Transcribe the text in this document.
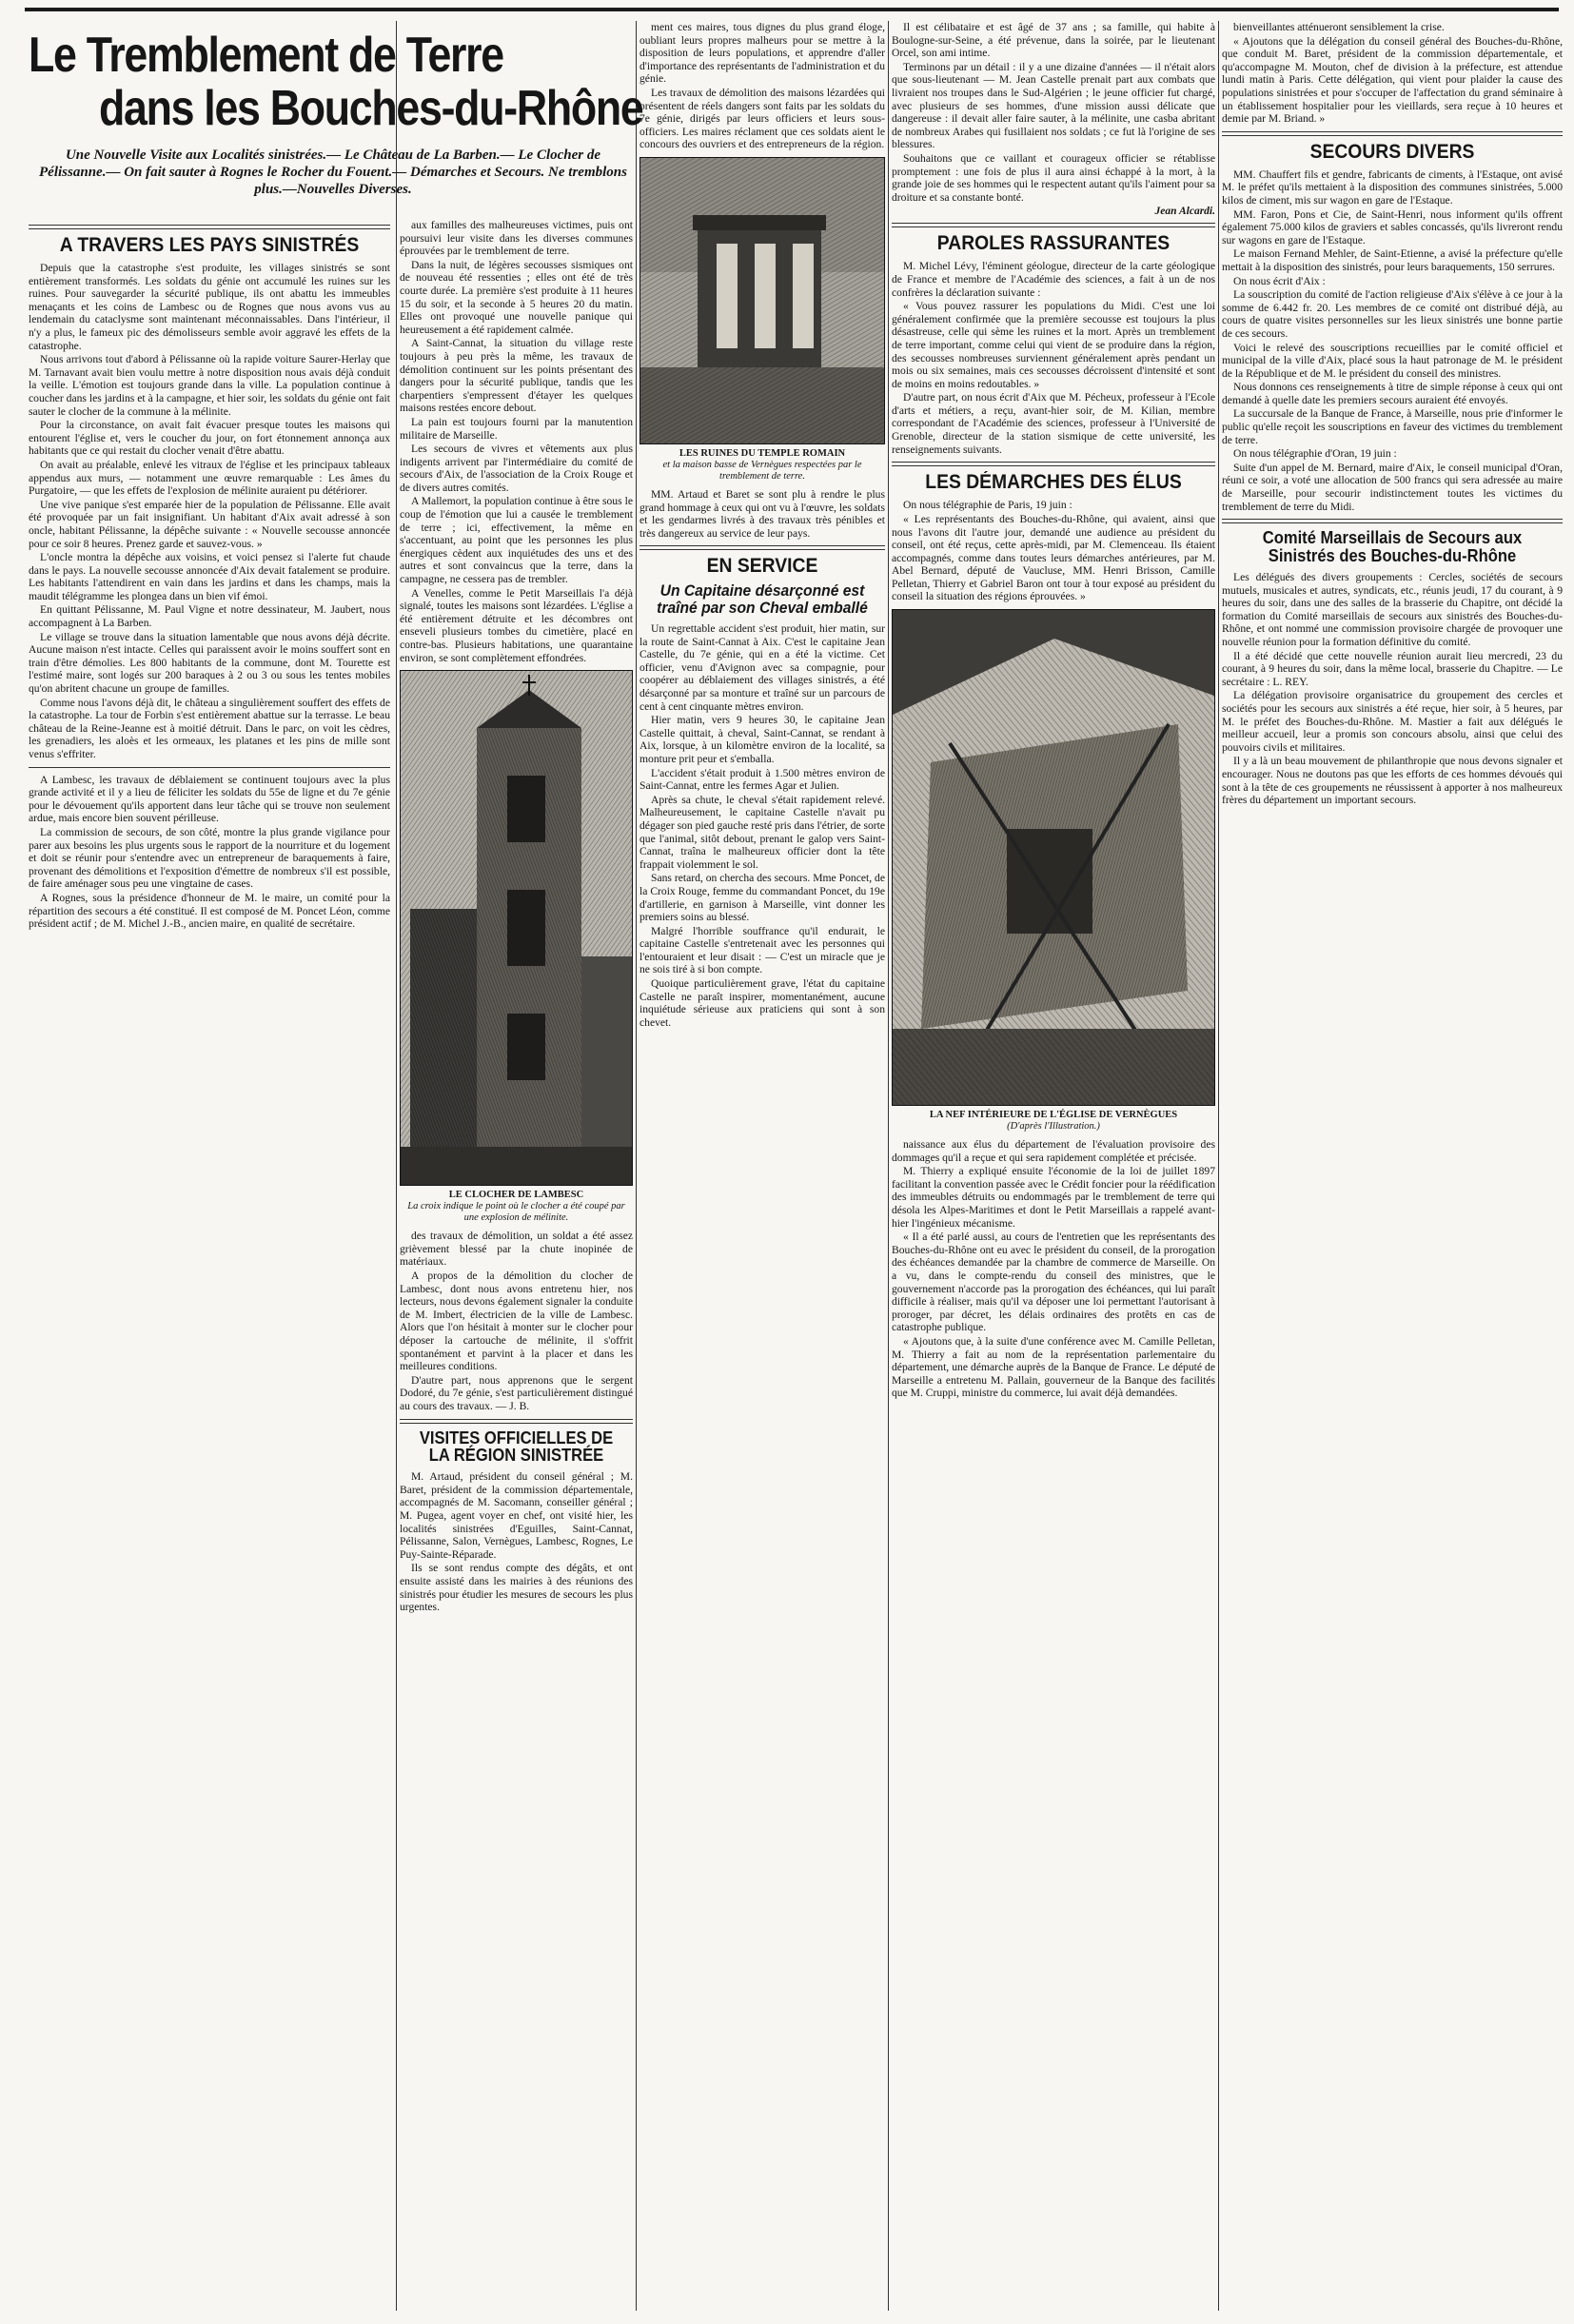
Le Tremblement de Terre
dans les Bouches-du-Rhône

Une Nouvelle Visite aux Localités sinistrées.— Le Château de La Barben.— Le Clocher de Pélissanne.— On fait sauter à Rognes le Rocher du Fouent.— Démarches et Secours. Ne tremblons plus.—Nouvelles Diverses.

A TRAVERS LES PAYS SINISTRÉS

Depuis que la catastrophe s'est produite, les villages sinistrés se sont entièrement transformés. Les soldats du génie ont accumulé les ruines sur les ruines. Pour sauvegarder la sécurité publique, ils ont abattu les immeubles menaçants et les coins de Lambesc ou de Rognes que nous avons vus au lendemain du cataclysme sont maintenant méconnaissables. Dans l'intérieur, il n'y a plus, le fameux pic des démolisseurs semble avoir aggravé les effets de la catastrophe.

Nous arrivons tout d'abord à Pélissanne où la rapide voiture Saurer-Herlay que M. Tarnavant avait bien voulu mettre à notre disposition nous avais déjà conduit la veille. L'émotion est toujours grande dans la ville. La population continue à coucher dans les jardins et à la campagne, et hier soir, les soldats du génie ont fait sauter le clocher de la commune à la mélinite.

Pour la circonstance, on avait fait évacuer presque toutes les maisons qui entourent l'église et, vers le coucher du jour, on fort étonnement annonça aux habitants que ce qui restait du clocher venait d'être abattu.

On avait au préalable, enlevé les vitraux de l'église et les principaux tableaux appendus aux murs, — notamment une œuvre remarquable : Les âmes du Purgatoire, — que les effets de l'explosion de mélinite auraient pu détériorer.

Une vive panique s'est emparée hier de la population de Pélissanne. Elle avait été provoquée par un fait insignifiant. Un habitant d'Aix avait adressé à son oncle, habitant Pélissanne, la dépêche suivante : « Nouvelle secousse annoncée pour ce soir 8 heures. Prenez garde et sauvez-vous. »

L'oncle montra la dépêche aux voisins, et voici pensez si l'alerte fut chaude dans le pays. La nouvelle secousse annoncée d'Aix devait fatalement se produire. Les habitants l'attendirent en vain dans les jardins et dans les champs, mais la maudit télégramme les plongea dans un bien vif émoi.

En quittant Pélissanne, M. Paul Vigne et notre dessinateur, M. Jaubert, nous accompagnent à La Barben.

Le village se trouve dans la situation lamentable que nous avons déjà décrite. Aucune maison n'est intacte. Celles qui paraissent avoir le moins souffert sont en train d'être démolies. Les 800 habitants de la commune, dont M. Tourette est l'estimé maire, sont logés sur 200 baraques à 2 ou 3 ou sous les tentes mobiles qu'on abritent chacune un groupe de familles.

Comme nous l'avons déjà dit, le château a singulièrement souffert des effets de la catastrophe. La tour de Forbin s'est entièrement abattue sur la terrasse. Le beau château de la Reine-Jeanne est à moitié détruit. Dans le parc, on voit les cèdres, les grenadiers, les aloès et les ormeaux, les platanes et les pins de mille sont venus s'effriter.

A Lambesc, les travaux de déblaiement se continuent toujours avec la plus grande activité et il y a lieu de féliciter les soldats du 55e de ligne et du 7e génie pour le dévouement qu'ils apportent dans leur tâche qui se trouve non seulement ardue, mais encore bien souvent périlleuse.

La commission de secours, de son côté, montre la plus grande vigilance pour parer aux besoins les plus urgents sous le rapport de la nourriture et du logement et doit se réunir pour s'entendre avec un entrepreneur de baraquements à faire, provenant des démolitions et l'exposition d'émettre de nombreux s'il est possible, de faire aménager sous peu une vingtaine de cases.

A Rognes, sous la présidence d'honneur de M. le maire, un comité pour la répartition des secours a été constitué. Il est composé de M. Poncet Léon, comme président actif ; de M. Michel J.-B., ancien maire, en qualité de secrétaire.

aux familles des malheureuses victimes, puis ont poursuivi leur visite dans les diverses communes éprouvées par le tremblement de terre.

Dans la nuit, de légères secousses sismiques ont de nouveau été ressenties ; elles ont été de très courte durée. La première s'est produite à 11 heures 15 du soir, et la seconde à 5 heures 20 du matin. Elles ont provoqué une nouvelle panique qui heureusement a été rapidement calmée.

A Saint-Cannat, la situation du village reste toujours à peu près la même, les travaux de démolition continuent sur les points présentant des dangers pour la sécurité publique, tandis que les charpentiers s'empressent d'étayer les quelques maisons restées encore debout.

La pain est toujours fourni par la manutention militaire de Marseille.

Les secours de vivres et vêtements aux plus indigents arrivent par l'intermédiaire du comité de secours d'Aix, de l'association de la Croix Rouge et de divers autres comités.

A Mallemort, la population continue à être sous le coup de l'émotion que lui a causée le tremblement de terre ; ici, effectivement, la même en s'accentuant, au point que les personnes les plus énergiques cèdent aux inquiétudes des uns et des autres et sont convaincus que la terre, dans la campagne, ne cessera pas de trembler.

A Venelles, comme le Petit Marseillais l'a déjà signalé, toutes les maisons sont lézardées. L'église a été entièrement détruite et les décombres ont enseveli plusieurs tombes du cimetière, placé en contre-bas. Plusieurs habitations, une quarantaine environ, se sont complètement effondrées.

LE CLOCHER DE LAMBESC
La croix indique le point où le clocher a été coupé par une explosion de mélinite.

des travaux de démolition, un soldat a été assez grièvement blessé par la chute inopinée de matériaux.

A propos de la démolition du clocher de Lambesc, dont nous avons entretenu hier, nos lecteurs, nous devons également signaler la conduite de M. Imbert, électricien de la ville de Lambesc. Alors que l'on hésitait à monter sur le clocher pour déposer la cartouche de mélinite, il s'offrit spontanément et parvint à la placer et dans les meilleures conditions.

D'autre part, nous apprenons que le sergent Dodoré, du 7e génie, s'est particulièrement distingué au cours des travaux. — J. B.

VISITES OFFICIELLES DE LA RÉGION SINISTRÉE

M. Artaud, président du conseil général ; M. Baret, président de la commission départementale, accompagnés de M. Sacomann, conseiller général ; M. Pugea, agent voyer en chef, ont visité hier, les localités sinistrées d'Eguilles, Saint-Cannat, Pélissanne, Salon, Vernègues, Lambesc, Rognes, Le Puy-Sainte-Réparade.

Ils se sont rendus compte des dégâts, et ont ensuite assisté dans les mairies à des réunions des sinistrés pour étudier les mesures de secours les plus urgentes.

ment ces maires, tous dignes du plus grand éloge, oubliant leurs propres malheurs pour se mettre à la disposition de leurs populations, et apprendre d'aller d'importance des représentants de l'administration et du génie.

Les travaux de démolition des maisons lézardées qui présentent de réels dangers sont faits par les soldats du 7e génie, dirigés par leurs officiers et leurs sous-officiers. Les maires réclament que ces soldats aient le concours des ouvriers et des entrepreneurs de la région.

LES RUINES DU TEMPLE ROMAIN
et la maison basse de Vernègues respectées par le tremblement de terre.

MM. Artaud et Baret se sont plu à rendre le plus grand hommage à ceux qui ont vu à l'œuvre, les soldats et les gendarmes livrés à des travaux très pénibles et très dangereux au service de leur pays.

EN SERVICE
Un Capitaine désarçonné est traîné par son Cheval emballé

Un regrettable accident s'est produit, hier matin, sur la route de Saint-Cannat à Aix. C'est le capitaine Jean Castelle, du 7e génie, qui en a été la victime. Cet officier, venu d'Avignon avec sa compagnie, pour coopérer au déblaiement des villages sinistrés, a été désarçonné par sa monture et traîné sur un parcours de cent à cent cinquante mètres environ.

Hier matin, vers 9 heures 30, le capitaine Jean Castelle quittait, à cheval, Saint-Cannat, se rendant à Aix, lorsque, à un kilomètre environ de la localité, sa monture prit peur et s'emballa.

L'accident s'était produit à 1.500 mètres environ de Saint-Cannat, entre les fermes Agar et Julien.

Après sa chute, le cheval s'était rapidement relevé. Malheureusement, le capitaine Castelle n'avait pu dégager son pied gauche resté pris dans l'étrier, de sorte que l'animal, sitôt debout, prenant le galop vers Saint-Cannat, traîna le malheureux officier dont la tête frappait violemment le sol.

Sans retard, on chercha des secours. Mme Poncet, de la Croix Rouge, femme du commandant Poncet, du 19e d'artillerie, en garnison à Marseille, vint donner les premiers soins au blessé.

Malgré l'horrible souffrance qu'il endurait, le capitaine Castelle s'entretenait avec les personnes qui l'entouraient et leur disait : — C'est un miracle que je ne sois tiré à si bon compte.

Quoique particulièrement grave, l'état du capitaine Castelle ne paraît inspirer, momentanément, aucune inquiétude sérieuse aux praticiens qui sont à son chevet.

Il est célibataire et est âgé de 37 ans ; sa famille, qui habite à Boulogne-sur-Seine, a été prévenue, dans la soirée, par le lieutenant Orcel, son ami intime.

Terminons par un détail : il y a une dizaine d'années — il n'était alors que sous-lieutenant — M. Jean Castelle prenait part aux combats que livraient nos troupes dans le Sud-Algérien ; le jeune officier fut chargé, avec plusieurs de ses hommes, d'une mission aussi délicate que dangereuse : il devait aller faire sauter, à la mélinite, une casba abritant de nombreux Arabes qui fusillaient nos soldats ; ce fut là l'origine de ses blessures.

Souhaitons que ce vaillant et courageux officier se rétablisse promptement : une fois de plus il aura ainsi échappé à la mort, à la grande joie de ses hommes qui le respectent autant qu'ils l'aiment pour sa droiture et sa constante bonté.

Jean Alcardi.
PAROLES RASSURANTES

M. Michel Lévy, l'éminent géologue, directeur de la carte géologique de France et membre de l'Académie des sciences, a fait à un de nos confrères la déclaration suivante :

« Vous pouvez rassurer les populations du Midi. C'est une loi généralement confirmée que la première secousse est toujours la plus désastreuse, celle qui sème les ruines et la mort. Après un tremblement de terre important, comme celui qui vient de se produire dans la région, des secousses nombreuses surviennent généralement après pendant un mois ou six semaines, mais ces secousses décroissent d'intensité et sont de moins en moins redoutables. »

D'autre part, on nous écrit d'Aix que M. Pécheux, professeur à l'Ecole d'arts et métiers, a reçu, avant-hier soir, de M. Kilian, membre correspondant de l'Académie des sciences, professeur à l'Université de Grenoble, directeur de la station sismique de cette université, les renseignements suivants.

LES DÉMARCHES DES ÉLUS

On nous télégraphie de Paris, 19 juin :

« Les représentants des Bouches-du-Rhône, qui avaient, ainsi que nous l'avons dit l'autre jour, demandé une audience au président du conseil, ont été reçus, cette après-midi, par M. Clemenceau. Ils étaient accompagnés, comme dans toutes leurs démarches antérieures, par M. Abel Bernard, député de Vaucluse, MM. Henri Brisson, Camille Pelletan, Thierry et Gabriel Baron ont tour à tour exposé au président du conseil la situation des régions éprouvées. »

LA NEF INTÉRIEURE DE L'ÉGLISE DE VERNÈGUES
(D'après l'Illustration.)

naissance aux élus du département de l'évaluation provisoire des dommages qu'il a reçue et qui sera rapidement complétée et précisée.

M. Thierry a expliqué ensuite l'économie de la loi de juillet 1897 facilitant la convention passée avec le Crédit foncier pour la réédification des immeubles détruits ou endommagés par le tremblement de terre qui désola les Alpes-Maritimes et dont le Petit Marseillais a rappelé avant-hier l'ingénieux mécanisme.

« Il a été parlé aussi, au cours de l'entretien que les représentants des Bouches-du-Rhône ont eu avec le président du conseil, de la prorogation des échéances demandée par la chambre de commerce de Marseille. On a vu, dans le compte-rendu du conseil des ministres, que le gouvernement n'accorde pas la prorogation des échéances, qui lui paraît difficile à réaliser, mais qu'il va déposer une loi permettant l'autorisant à proroger, par décret, les délais ordinaires des protêts en cas de catastrophe publique.

« Ajoutons que, à la suite d'une conférence avec M. Camille Pelletan, M. Thierry a fait au nom de la représentation parlementaire du département, une démarche auprès de la Banque de France. Le député de Marseille a entretenu M. Pallain, gouverneur de la Banque des facilités que M. Cruppi, ministre du commerce, lui avait déjà demandées.

bienveillantes atténueront sensiblement la crise.

« Ajoutons que la délégation du conseil général des Bouches-du-Rhône, que conduit M. Baret, président de la commission départementale, et qu'accompagne M. Mouton, chef de division à la préfecture, est attendue lundi matin à Paris. Cette délégation, qui vient pour plaider la cause des populations sinistrées et pour s'occuper de l'affectation du grand séminaire à un établissement hospitalier pour les vieillards, sera reçue à 10 heures et demie par M. Briand. »

SECOURS DIVERS

MM. Chauffert fils et gendre, fabricants de ciments, à l'Estaque, ont avisé M. le préfet qu'ils mettaient à la disposition des communes sinistrées, 5.000 kilos de ciment, mis sur wagon en gare de l'Estaque.

MM. Faron, Pons et Cie, de Saint-Henri, nous informent qu'ils offrent également 75.000 kilos de graviers et sables concassés, qu'ils livreront rendu sur wagons en gare de l'Estaque.

Le maison Fernand Mehler, de Saint-Etienne, a avisé la préfecture qu'elle mettait à la disposition des sinistrés, pour leurs baraquements, 150 serrures.

On nous écrit d'Aix :

La souscription du comité de l'action religieuse d'Aix s'élève à ce jour à la somme de 6.442 fr. 20. Les membres de ce comité ont distribué déjà, au cours de quatre visites personnelles sur les lieux sinistrés une bonne partie de ces secours.

Voici le relevé des souscriptions recueillies par le comité officiel et municipal de la ville d'Aix, placé sous la haut patronage de M. le président de la République et de M. le président du conseil des ministres.

Nous donnons ces renseignements à titre de simple réponse à ceux qui ont demandé à quelle date les premiers secours auraient été envoyés.

La succursale de la Banque de France, à Marseille, nous prie d'informer le public qu'elle reçoit les souscriptions en faveur des victimes du tremblement de terre.

On nous télégraphie d'Oran, 19 juin :

Suite d'un appel de M. Bernard, maire d'Aix, le conseil municipal d'Oran, réuni ce soir, a voté une allocation de 500 francs qui sera adressée au maire de Marseille, pour secourir indistinctement toutes les victimes du tremblement de terre du Midi.

Comité Marseillais de Secours aux Sinistrés des Bouches-du-Rhône

Les délégués des divers groupements : Cercles, sociétés de secours mutuels, musicales et autres, syndicats, etc., réunis jeudi, 17 du courant, à 9 heures du soir, dans une des salles de la brasserie du Chapitre, ont décidé la formation du Comité marseillais de secours aux sinistrés des Bouches-du-Rhône, et ont nommé une commission provisoire chargée de provoquer une nouvelle réunion pour la formation définitive du comité.

Il a été décidé que cette nouvelle réunion aurait lieu mercredi, 23 du courant, à 9 heures du soir, dans la même local, brasserie du Chapitre. — Le secrétaire : L. REY.

La délégation provisoire organisatrice du groupement des cercles et sociétés pour les secours aux sinistrés a été reçue, hier soir, à 5 heures, par M. le préfet des Bouches-du-Rhône. M. Mastier a fait aux délégués le meilleur accueil, leur a promis son concours absolu, ainsi que celui des pouvoirs civils et militaires.

Il y a là un beau mouvement de philanthropie que nous devons signaler et encourager. Nous ne doutons pas que les efforts de ces hommes dévoués qui sont à la tête de ces groupements ne réussissent à apporter à nos malheureux frères du département un important secours.
